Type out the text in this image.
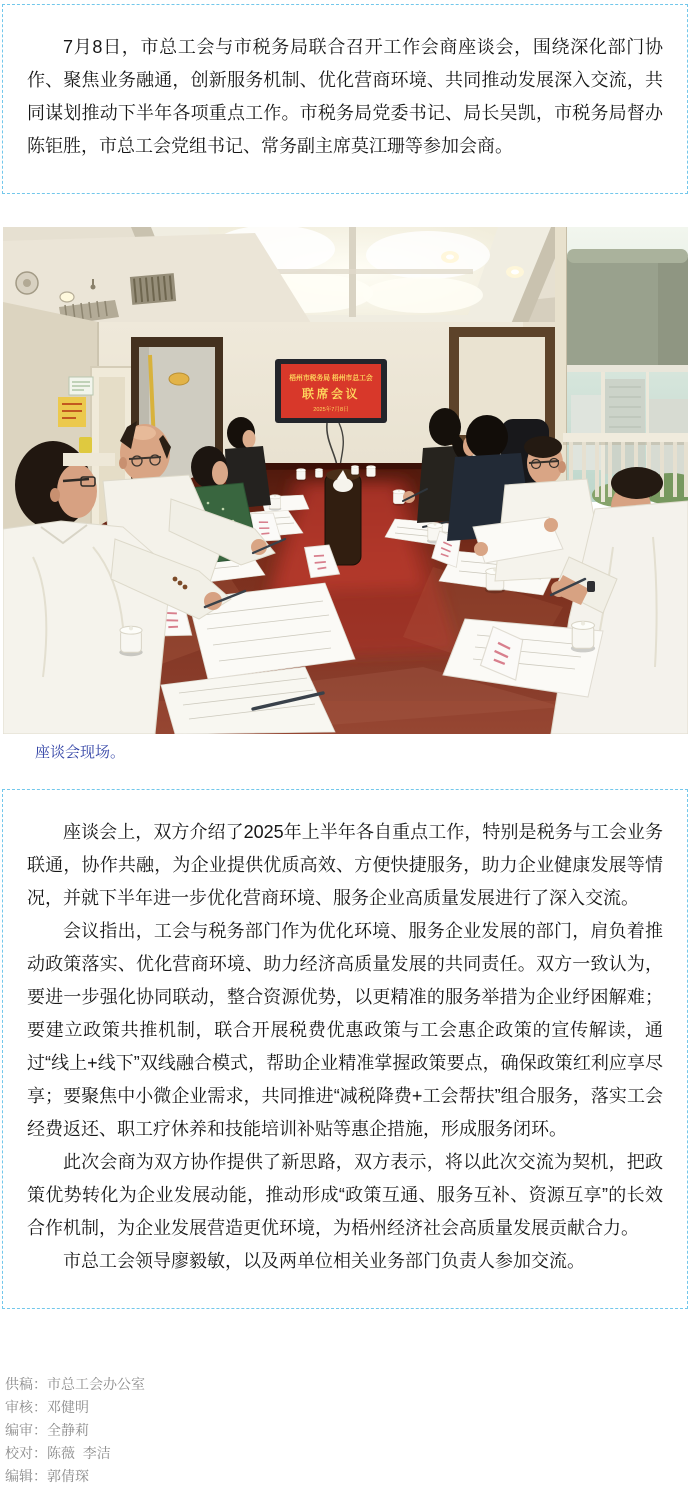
7月8日，市总工会与市税务局联合召开工作会商座谈会，围绕深化部门协作、聚焦业务融通，创新服务机制、优化营商环境、共同推动发展深入交流，共同谋划推动下半年各项重点工作。市税务局党委书记、局长吴凯，市税务局督办陈钜胜，市总工会党组书记、常务副主席莫江珊等参加会商。

梧州市税务局 梧州市总工会
联席会议
2025年7月8日

座谈会现场。

座谈会上，双方介绍了2025年上半年各自重点工作，特别是税务与工会业务联通，协作共融，为企业提供优质高效、方便快捷服务，助力企业健康发展等情况，并就下半年进一步优化营商环境、服务企业高质量发展进行了深入交流。

会议指出，工会与税务部门作为优化环境、服务企业发展的部门，肩负着推动政策落实、优化营商环境、助力经济高质量发展的共同责任。双方一致认为，要进一步强化协同联动，整合资源优势，以更精准的服务举措为企业纾困解难；要建立政策共推机制，联合开展税费优惠政策与工会惠企政策的宣传解读，通过“线上+线下”双线融合模式，帮助企业精准掌握政策要点，确保政策红利应享尽享；要聚焦中小微企业需求，共同推进“减税降费+工会帮扶”组合服务，落实工会经费返还、职工疗休养和技能培训补贴等惠企措施，形成服务闭环。

此次会商为双方协作提供了新思路，双方表示，将以此次交流为契机，把政策优势转化为企业发展动能，推动形成“政策互通、服务互补、资源互享”的长效合作机制，为企业发展营造更优环境，为梧州经济社会高质量发展贡献合力。

市总工会领导廖毅敏，以及两单位相关业务部门负责人参加交流。

供稿：市总工会办公室
审核：邓健明
编审：全静莉
校对：陈薇  李洁
编辑：郭倩琛
